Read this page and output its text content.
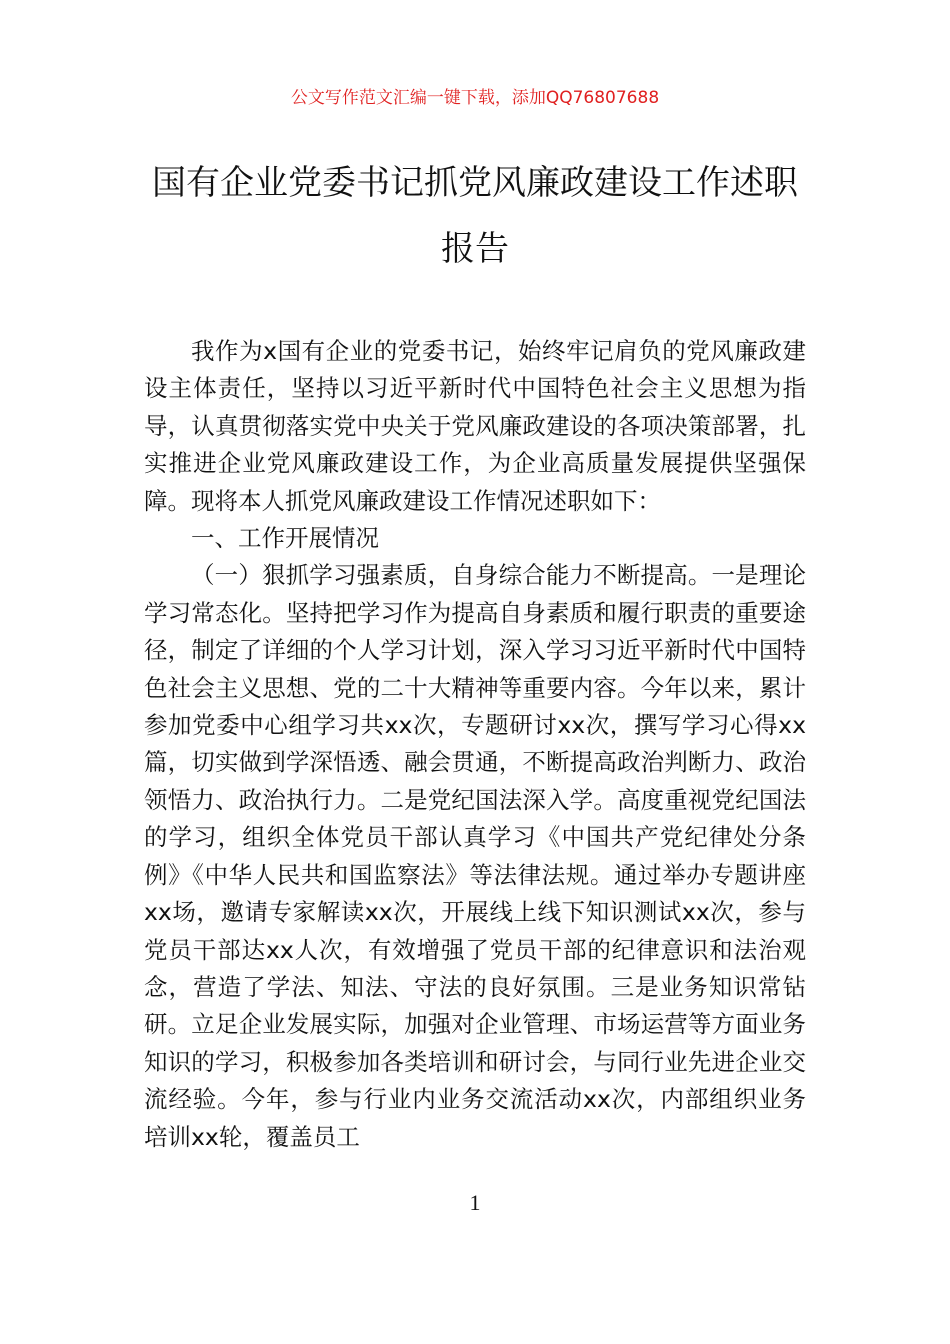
公文写作范文汇编一键下载，添加QQ76807688
国有企业党委书记抓党风廉政建设工作述职报告

我作为x国有企业的党委书记，始终牢记肩负的党风廉政建设主体责任，坚持以习近平新时代中国特色社会主义思想为指导，认真贯彻落实党中央关于党风廉政建设的各项决策部署，扎实推进企业党风廉政建设工作，为企业高质量发展提供坚强保障。现将本人抓党风廉政建设工作情况述职如下：

一、工作开展情况

（一）狠抓学习强素质，自身综合能力不断提高。一是理论学习常态化。坚持把学习作为提高自身素质和履行职责的重要途径，制定了详细的个人学习计划，深入学习习近平新时代中国特色社会主义思想、党的二十大精神等重要内容。今年以来，累计参加党委中心组学习共xx次，专题研讨xx次，撰写学习心得xx篇，切实做到学深悟透、融会贯通，不断提高政治判断力、政治领悟力、政治执行力。二是党纪国法深入学。高度重视党纪国法的学习，组织全体党员干部认真学习《中国共产党纪律处分条例》《中华人民共和国监察法》等法律法规。通过举办专题讲座xx场，邀请专家解读xx次，开展线上线下知识测试xx次，参与党员干部达xx人次，有效增强了党员干部的纪律意识和法治观念，营造了学法、知法、守法的良好氛围。三是业务知识常钻研。立足企业发展实际，加强对企业管理、市场运营等方面业务知识的学习，积极参加各类培训和研讨会，与同行业先进企业交流经验。今年，参与行业内业务交流活动xx次，内部组织业务培训xx轮，覆盖员工

1
